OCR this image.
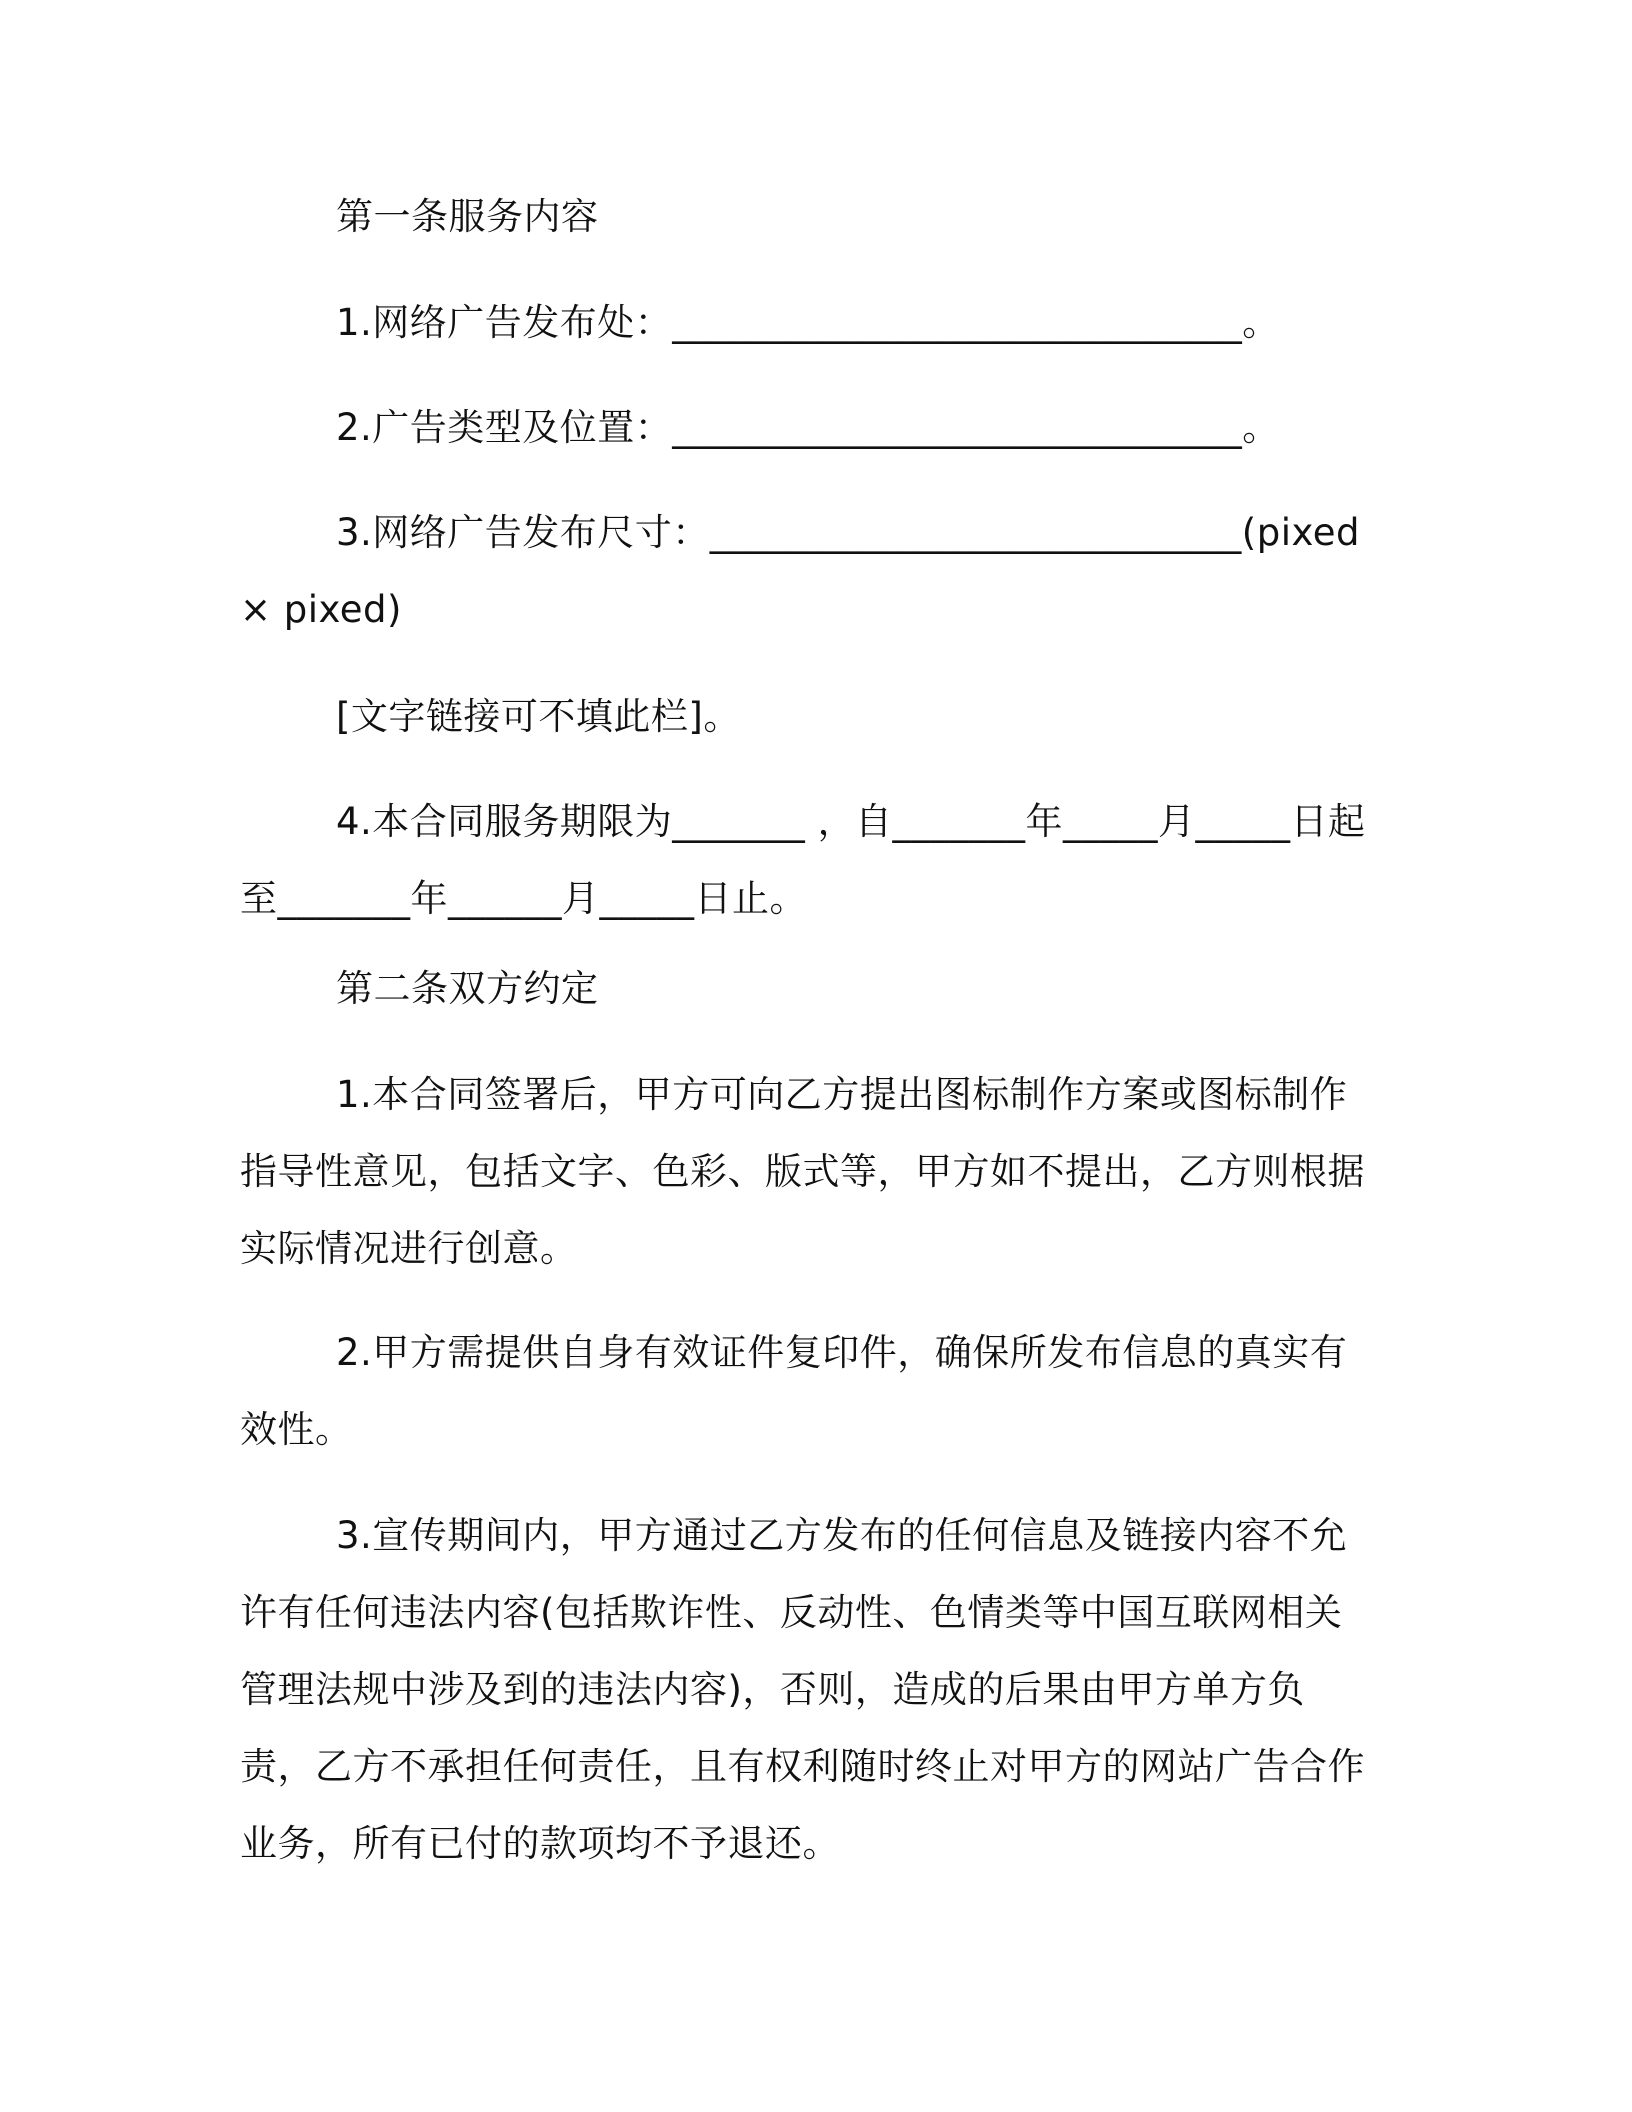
第一条服务内容

1.网络广告发布处：______________________________。

2.广告类型及位置：______________________________。

3.网络广告发布尺寸：____________________________(pixed × pixed)

[文字链接可不填此栏]。

4.本合同服务期限为_______ ，自_______年_____月_____日起至_______年______月_____日止。

第二条双方约定

1.本合同签署后，甲方可向乙方提出图标制作方案或图标制作指导性意见，包括文字、色彩、版式等，甲方如不提出，乙方则根据实际情况进行创意。

2.甲方需提供自身有效证件复印件，确保所发布信息的真实有效性。

3.宣传期间内，甲方通过乙方发布的任何信息及链接内容不允许有任何违法内容(包括欺诈性、反动性、色情类等中国互联网相关管理法规中涉及到的违法内容)，否则，造成的后果由甲方单方负责，乙方不承担任何责任，且有权利随时终止对甲方的网站广告合作业务，所有已付的款项均不予退还。
